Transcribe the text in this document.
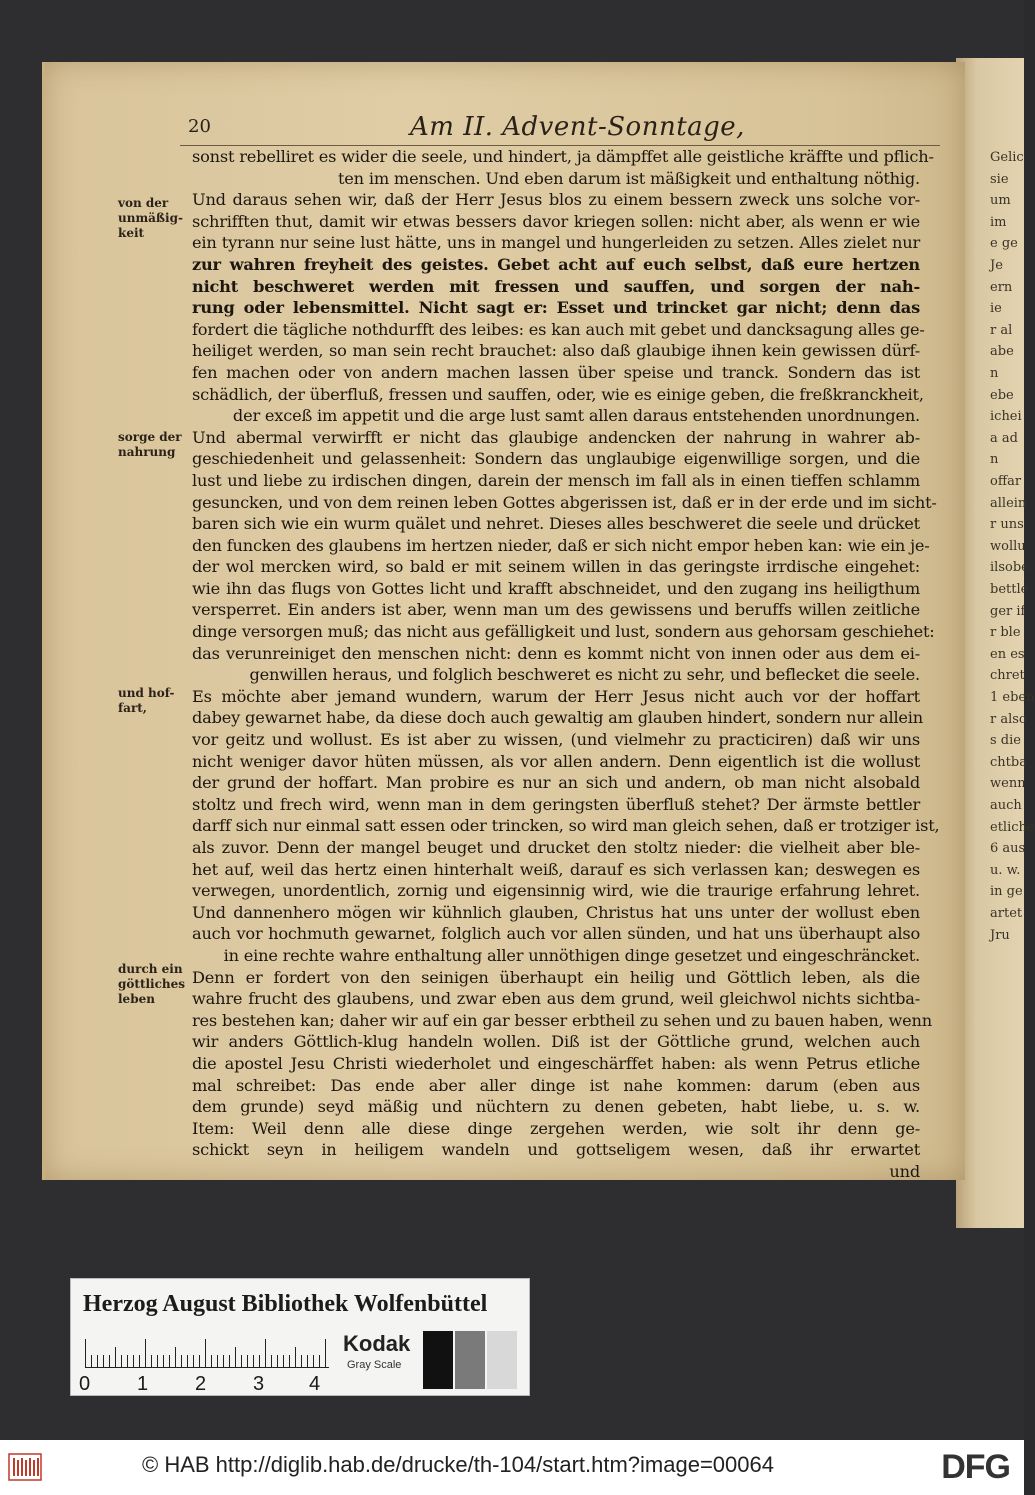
Gelic
sie
um
im
e ge
Je
ern
ie
r al
abe
n
ebe
ichei
a ad
n
offar
allein
r uns
wollu
ilsobe
bettle
ger if
r ble
en es
chret.
1 eben
r also
s die
chtba
wenn
auch
etliche
6 aus
u. w.
in ge
artet
Jru
20	Am II. Advent-Sonntage,
von der unmäßig-keit
sorge der nahrung
und hof-fart,
durch ein göttliches leben
sonst rebelliret es wider die seele, und hindert, ja dämpffet alle geistliche kräffte und pflich-
ten im menschen. Und eben darum ist mäßigkeit und enthaltung nöthig.
Und daraus sehen wir, daß der Herr Jesus blos zu einem bessern zweck uns solche vor-
schrifften thut, damit wir etwas bessers davor kriegen sollen: nicht aber, als wenn er wie
ein tyrann nur seine lust hätte, uns in mangel und hungerleiden zu setzen. Alles zielet nur
zur wahren freyheit des geistes. Gebet acht auf euch selbst, daß eure hertzen
nicht beschweret werden mit fressen und sauffen, und sorgen der nah-
rung oder lebensmittel. Nicht sagt er: Esset und trincket gar nicht; denn das
fordert die tägliche nothdurfft des leibes: es kan auch mit gebet und dancksagung alles ge-
heiliget werden, so man sein recht brauchet: also daß glaubige ihnen kein gewissen dürf-
fen machen oder von andern machen lassen über speise und tranck. Sondern das ist
schädlich, der überfluß, fressen und sauffen, oder, wie es einige geben, die freßkranckheit,
der exceß im appetit und die arge lust samt allen daraus entstehenden unordnungen.
Und abermal verwirfft er nicht das glaubige andencken der nahrung in wahrer ab-
geschiedenheit und gelassenheit: Sondern das unglaubige eigenwillige sorgen, und die
lust und liebe zu irdischen dingen, darein der mensch im fall als in einen tieffen schlamm
gesuncken, und von dem reinen leben Gottes abgerissen ist, daß er in der erde und im sicht-
baren sich wie ein wurm quälet und nehret. Dieses alles beschweret die seele und drücket
den funcken des glaubens im hertzen nieder, daß er sich nicht empor heben kan: wie ein je-
der wol mercken wird, so bald er mit seinem willen in das geringste irrdische eingehet:
wie ihn das flugs von Gottes licht und krafft abschneidet, und den zugang ins heiligthum
versperret. Ein anders ist aber, wenn man um des gewissens und beruffs willen zeitliche
dinge versorgen muß; das nicht aus gefälligkeit und lust, sondern aus gehorsam geschiehet:
das verunreiniget den menschen nicht: denn es kommt nicht von innen oder aus dem ei-
genwillen heraus, und folglich beschweret es nicht zu sehr, und beflecket die seele.
Es möchte aber jemand wundern, warum der Herr Jesus nicht auch vor der hoffart
dabey gewarnet habe, da diese doch auch gewaltig am glauben hindert, sondern nur allein
vor geitz und wollust. Es ist aber zu wissen, (und vielmehr zu practiciren) daß wir uns
nicht weniger davor hüten müssen, als vor allen andern. Denn eigentlich ist die wollust
der grund der hoffart. Man probire es nur an sich und andern, ob man nicht alsobald
stoltz und frech wird, wenn man in dem geringsten überfluß stehet? Der ärmste bettler
darff sich nur einmal satt essen oder trincken, so wird man gleich sehen, daß er trotziger ist,
als zuvor. Denn der mangel beuget und drucket den stoltz nieder: die vielheit aber ble-
het auf, weil das hertz einen hinterhalt weiß, darauf es sich verlassen kan; deswegen es
verwegen, unordentlich, zornig und eigensinnig wird, wie die traurige erfahrung lehret.
Und dannenhero mögen wir kühnlich glauben, Christus hat uns unter der wollust eben
auch vor hochmuth gewarnet, folglich auch vor allen sünden, und hat uns überhaupt also
in eine rechte wahre enthaltung aller unnöthigen dinge gesetzet und eingeschräncket.
Denn er fordert von den seinigen überhaupt ein heilig und Göttlich leben, als die
wahre frucht des glaubens, und zwar eben aus dem grund, weil gleichwol nichts sichtba-
res bestehen kan; daher wir auf ein gar besser erbtheil zu sehen und zu bauen haben, wenn
wir anders Göttlich-klug handeln wollen. Diß ist der Göttliche grund, welchen auch
die apostel Jesu Christi wiederholet und eingeschärffet haben: als wenn Petrus etliche
mal schreibet: Das ende aber aller dinge ist nahe kommen: darum (eben aus
dem grunde) seyd mäßig und nüchtern zu denen gebeten, habt liebe, u. s. w.
Item: Weil denn alle diese dinge zergehen werden, wie solt ihr denn ge-
schickt seyn in heiligem wandeln und gottseligem wesen, daß ihr erwartet
und
Herzog August Bibliothek Wolfenbüttel
0 1 2 3 4
Kodak
Gray Scale
© HAB http://diglib.hab.de/drucke/th-104/start.htm?image=00064	DFG
